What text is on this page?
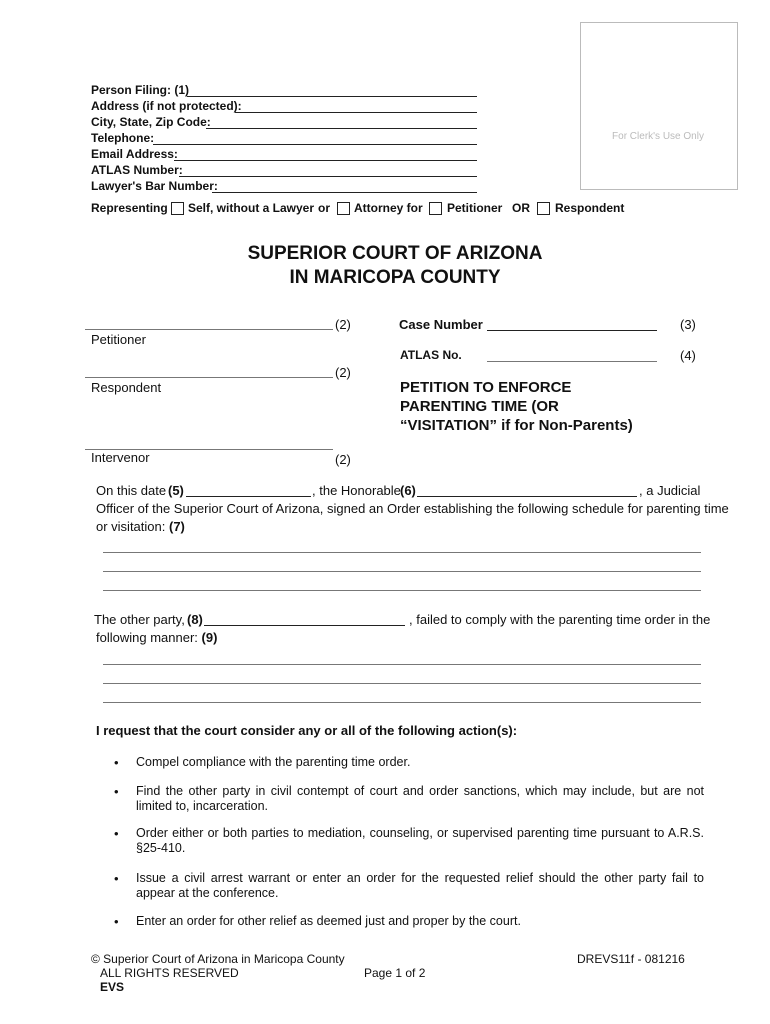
For Clerk's Use Only
Person Filing: (1)
Address (if not protected):
City, State, Zip Code:
Telephone:
Email Address:
ATLAS Number:
Lawyer's Bar Number:
Representing Self, without a Lawyer or Attorney for Petitioner OR Respondent
SUPERIOR COURT OF ARIZONA
IN MARICOPA COUNTY
(2)
Petitioner
(2)
Respondent
Intervenor	(2)
Case Number	(3)
ATLAS No.	(4)
PETITION TO ENFORCE
PARENTING TIME (OR
“VISITATION” if for Non-Parents)
On this date (5)	, the Honorable (6)	, a Judicial
Officer of the Superior Court of Arizona, signed an Order establishing the following schedule for parenting time
or visitation: (7)
The other party, (8)	, failed to comply with the parenting time order in the
following manner: (9)
I request that the court consider any or all of the following action(s):
• Compel compliance with the parenting time order.
• Find the other party in civil contempt of court and order sanctions, which may include, but are not limited to, incarceration.
• Order either or both parties to mediation, counseling, or supervised parenting time pursuant to A.R.S. §25-410.
• Issue a civil arrest warrant or enter an order for the requested relief should the other party fail to appear at the conference.
• Enter an order for other relief as deemed just and proper by the court.
© Superior Court of Arizona in Maricopa County
ALL RIGHTS RESERVED
EVS
Page 1 of 2
DREVS11f - 081216
